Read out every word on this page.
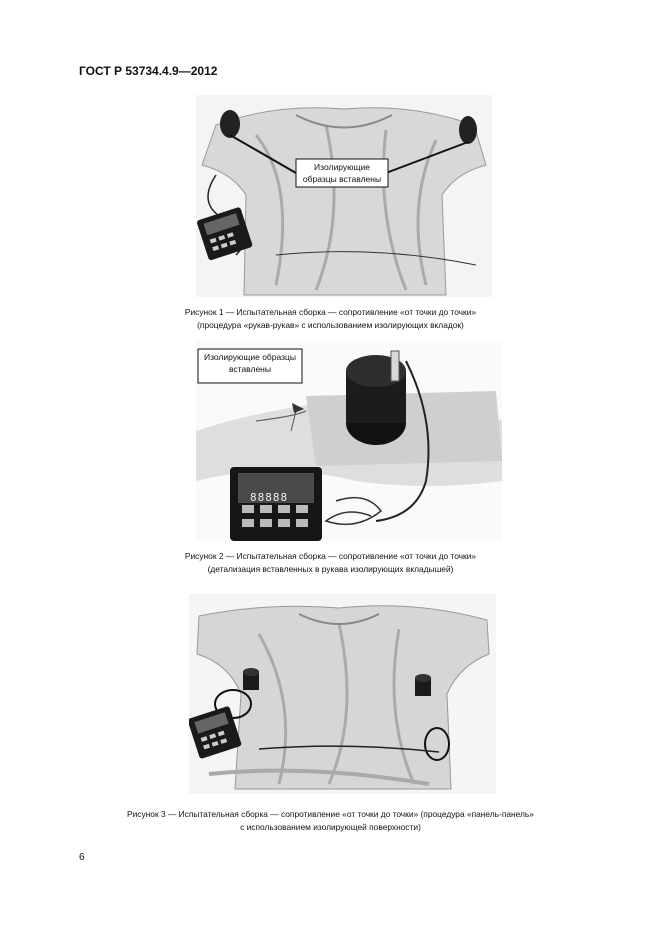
ГОСТ Р 53734.4.9—2012
Изолирующие образцы вставлены
Рисунок 1 — Испытательная сборка — сопротивление «от точки до точки»
(процедура «рукав-рукав» с использованием изолирующих вкладок)
Изолирующие образцы вставлены
88888
Рисунок 2 — Испытательная сборка — сопротивление «от точки до точки»
(детализация вставленных в рукава изолирующих вкладышей)
Рисунок 3 — Испытательная сборка — сопротивление «от точки до точки» (процедура «панель-панель»
с использованием изолирующей поверхности)
6
